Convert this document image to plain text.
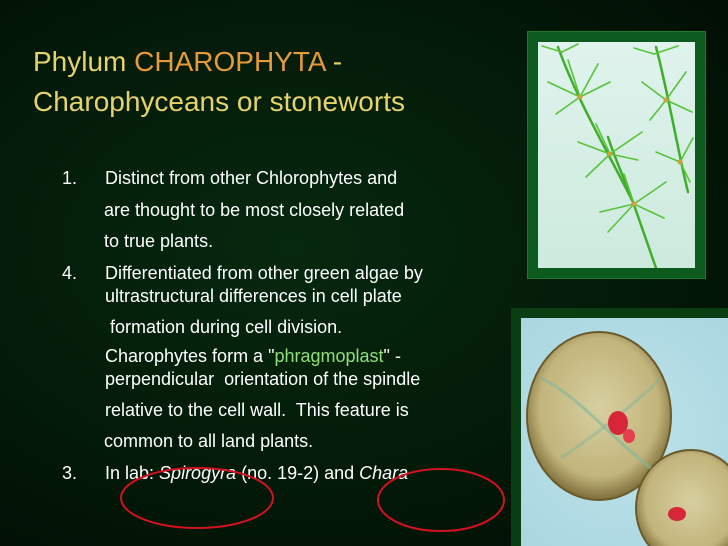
Phylum CHAROPHYTA -
Charophyceans or stoneworts
1. Distinct from other Chlorophytes and
are thought to be most closely related
to true plants.
4. Differentiated from other green algae by
ultrastructural differences in cell plate
formation during cell division.
Charophytes form a "phragmoplast" -
perpendicular  orientation of the spindle
relative to the cell wall.  This feature is
common to all land plants.
3. In lab: Spirogyra (no. 19-2) and Chara
